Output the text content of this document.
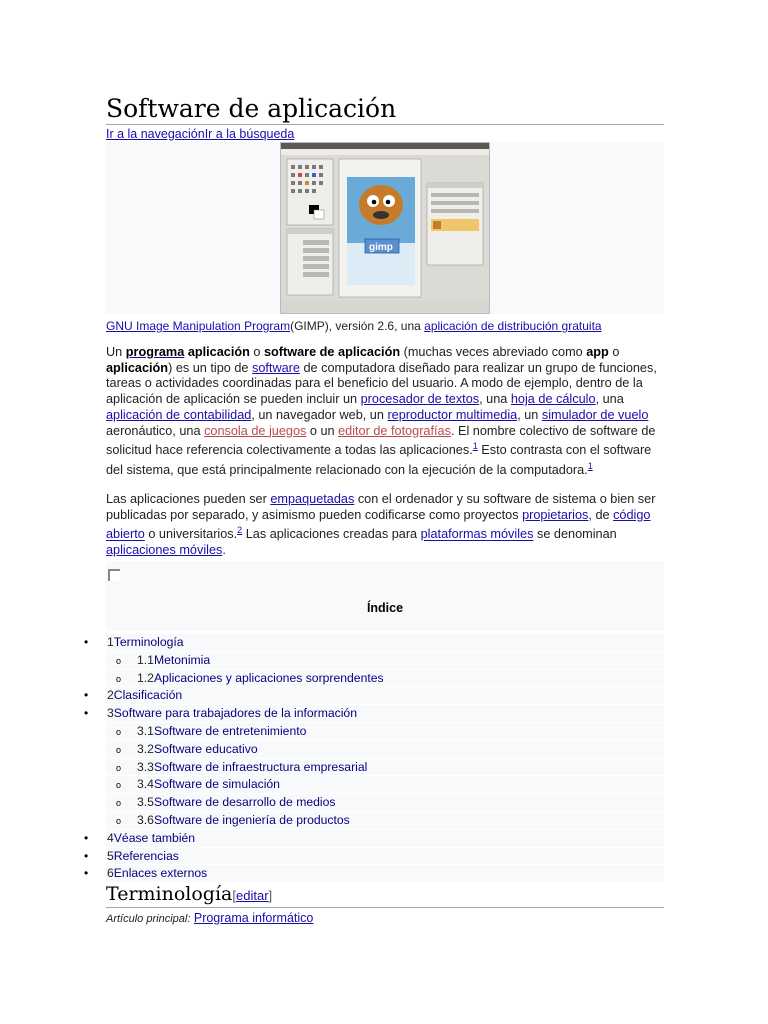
Software de aplicación
Ir a la navegaciónIr a la búsqueda
gimp
GNU Image Manipulation Program(GIMP), versión 2.6, una aplicación de distribución gratuita
Un programa aplicación o software de aplicación (muchas veces abreviado como app o aplicación) es un tipo de software de computadora diseñado para realizar un grupo de funciones, tareas o actividades coordinadas para el beneficio del usuario. A modo de ejemplo, dentro de la aplicación de aplicación se pueden incluir un procesador de textos, una hoja de cálculo, una aplicación de contabilidad, un navegador web, un reproductor multimedia, un simulador de vuelo aeronáutico, una consola de juegos o un editor de fotografías. El nombre colectivo de software de solicitud hace referencia colectivamente a todas las aplicaciones.$^1$ Esto contrasta con el software del sistema, que está principalmente relacionado con la ejecución de la computadora.$^1$
Las aplicaciones pueden ser empaquetadas con el ordenador y su software de sistema o bien ser publicadas por separado, y asimismo pueden codificarse como proyectos propietarios, de código abierto o universitarios.$^2$ Las aplicaciones creadas para plataformas móviles se denominan aplicaciones móviles.
Índice
• 1Terminología
o 1.1Metonimia
o 1.2Aplicaciones y aplicaciones sorprendentes
• 2Clasificación
• 3Software para trabajadores de la información
o 3.1Software de entretenimiento
o 3.2Software educativo
o 3.3Software de infraestructura empresarial
o 3.4Software de simulación
o 3.5Software de desarrollo de medios
o 3.6Software de ingeniería de productos
• 4Véase también
• 5Referencias
• 6Enlaces externos
Terminología[editar]
Artículo principal: Programa informático
